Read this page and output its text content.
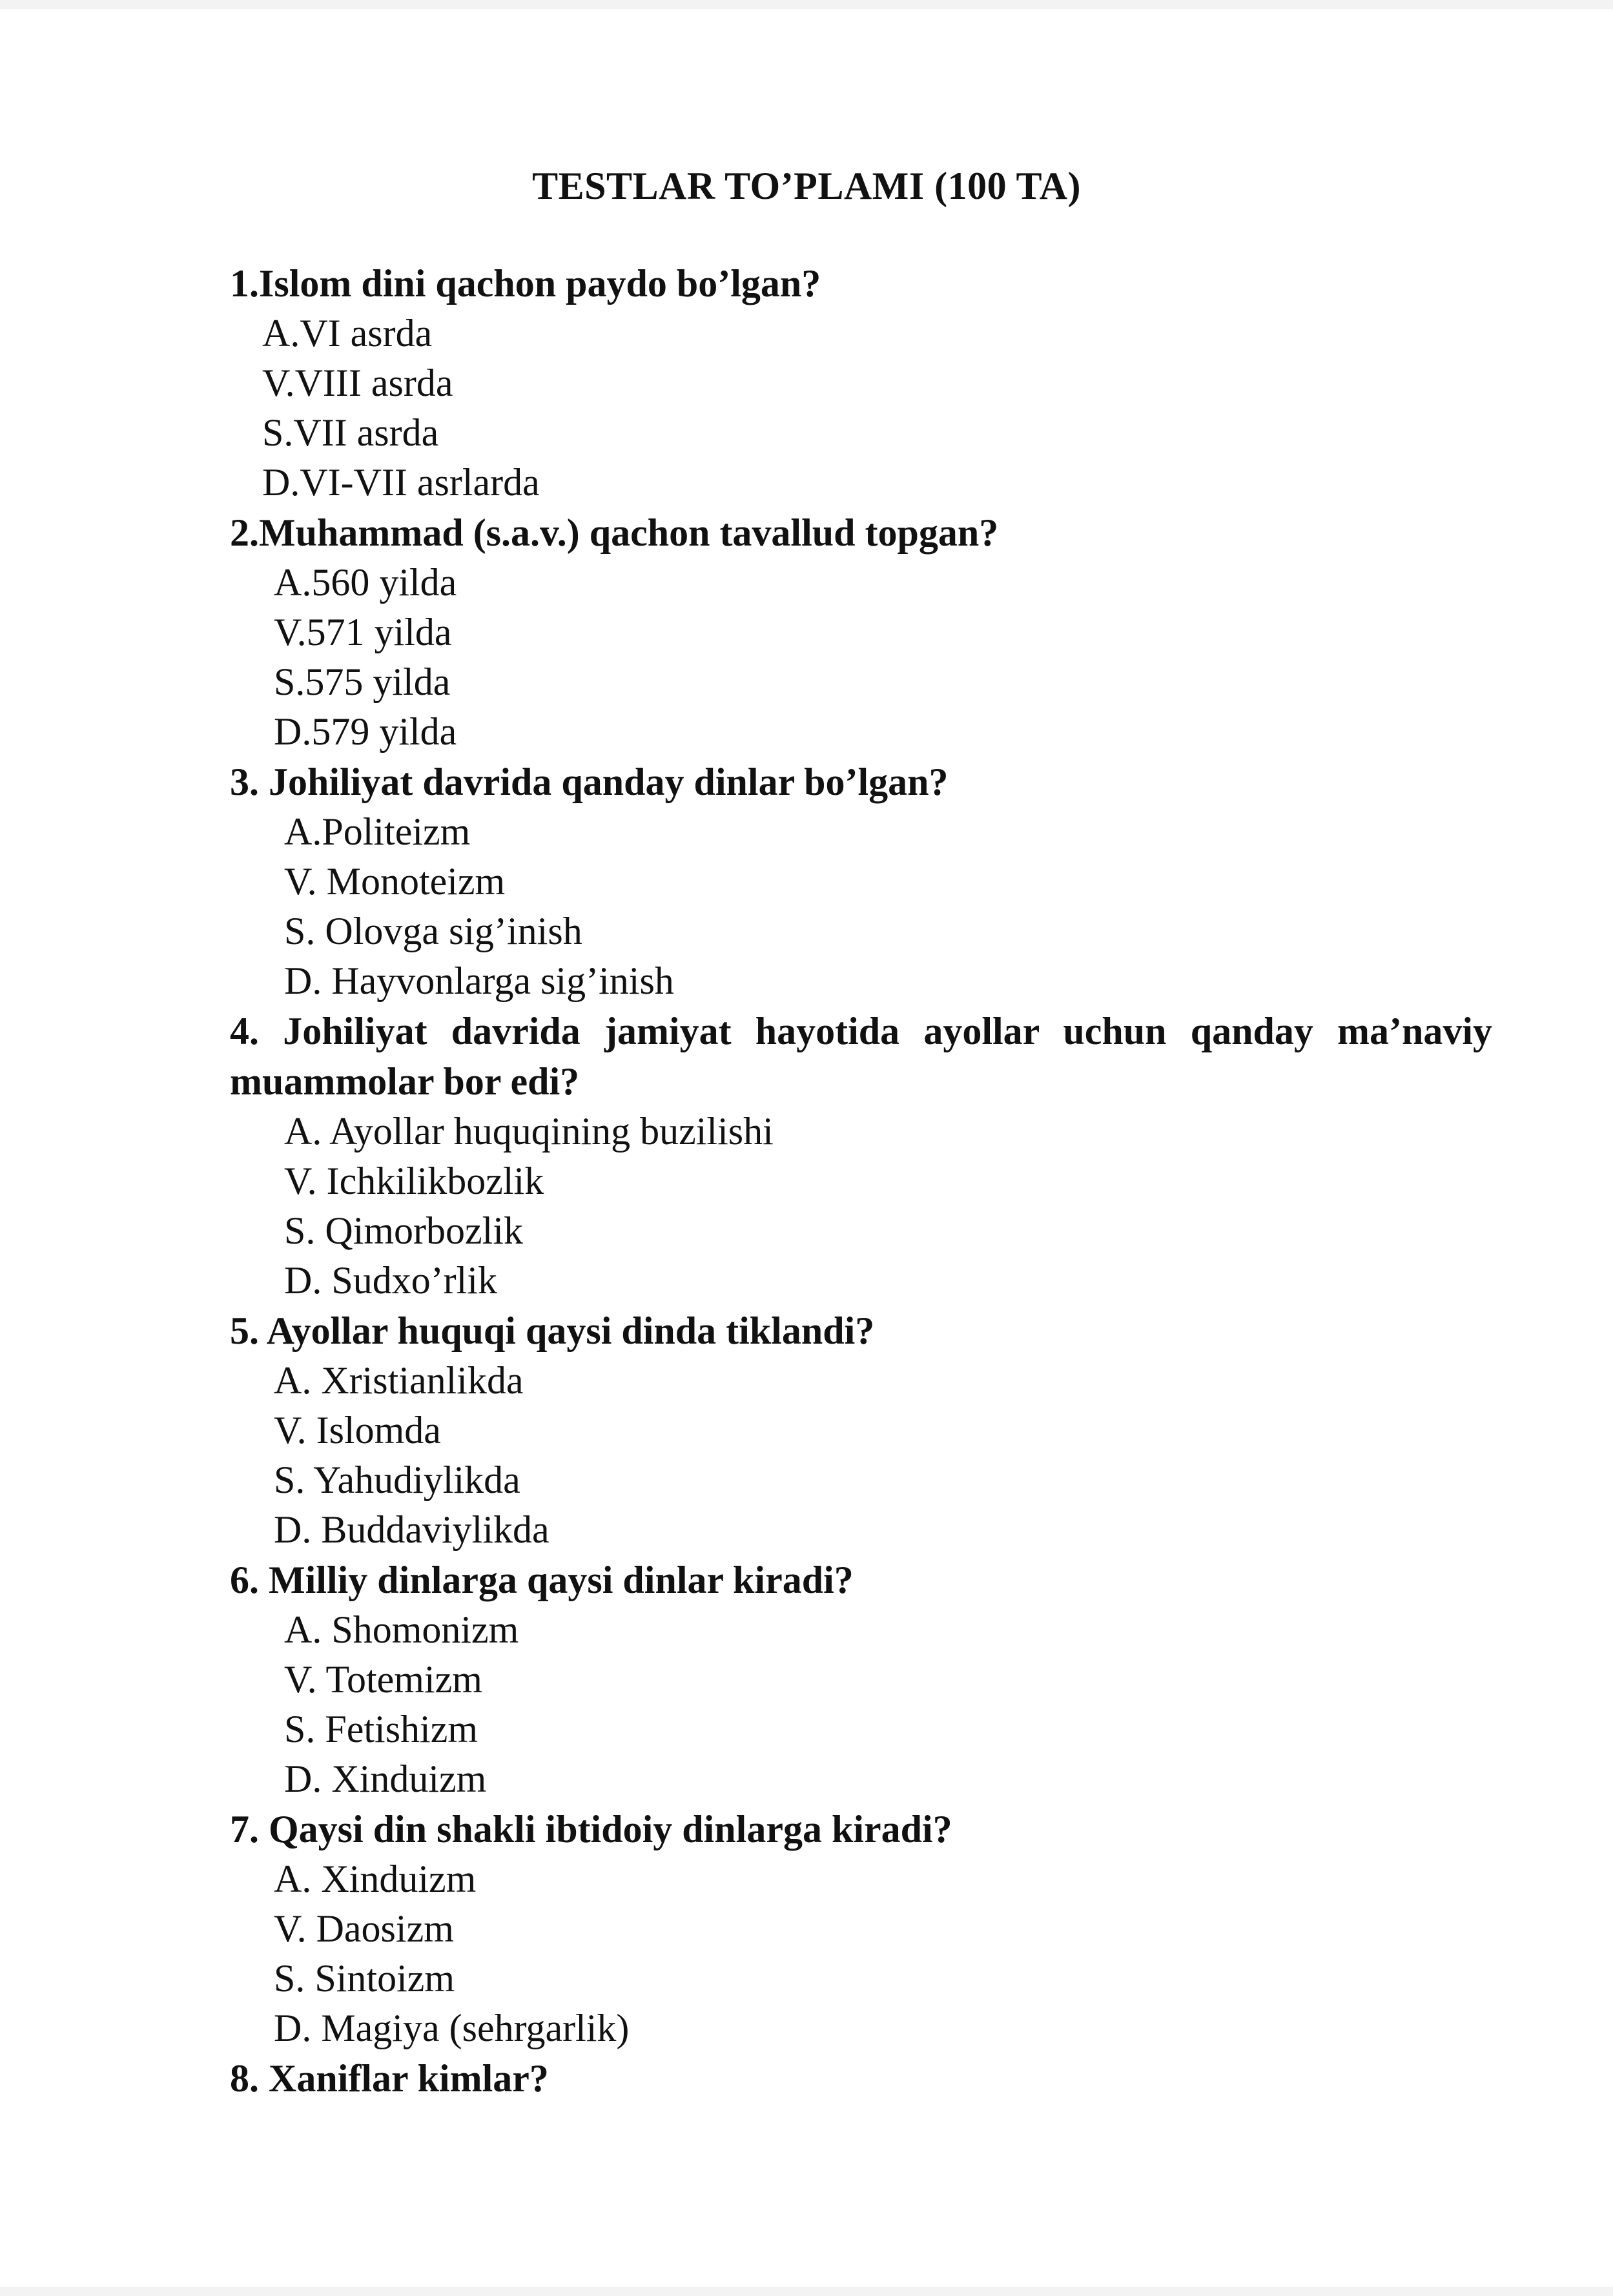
TESTLAR TO’PLAMI (100 TA)

1.Islom dini qachon paydo bo’lgan?

A.VI asrda
V.VIII asrda
S.VII asrda
D.VI-VII asrlarda

2.Muhammad (s.a.v.) qachon tavallud topgan?

A.560 yilda
V.571 yilda
S.575 yilda
D.579 yilda

3. Johiliyat davrida qanday dinlar bo’lgan?

A.Politeizm
V. Monoteizm
S. Olovga sig’inish
D. Hayvonlarga sig’inish

4. Johiliyat davrida jamiyat hayotida ayollar uchun qanday ma’naviy muammolar bor edi?

A. Ayollar huquqining buzilishi
V. Ichkilikbozlik
S. Qimorbozlik
D. Sudxo’rlik

5. Ayollar huquqi qaysi dinda tiklandi?

A. Xristianlikda
V. Islomda
S. Yahudiylikda
D. Buddaviylikda

6. Milliy dinlarga qaysi dinlar kiradi?

A. Shomonizm
V. Totemizm
S. Fetishizm
D. Xinduizm

7. Qaysi din shakli ibtidoiy dinlarga kiradi?

A. Xinduizm
V. Daosizm
S. Sintoizm
D. Magiya (sehrgarlik)

8. Xaniflar kimlar?
